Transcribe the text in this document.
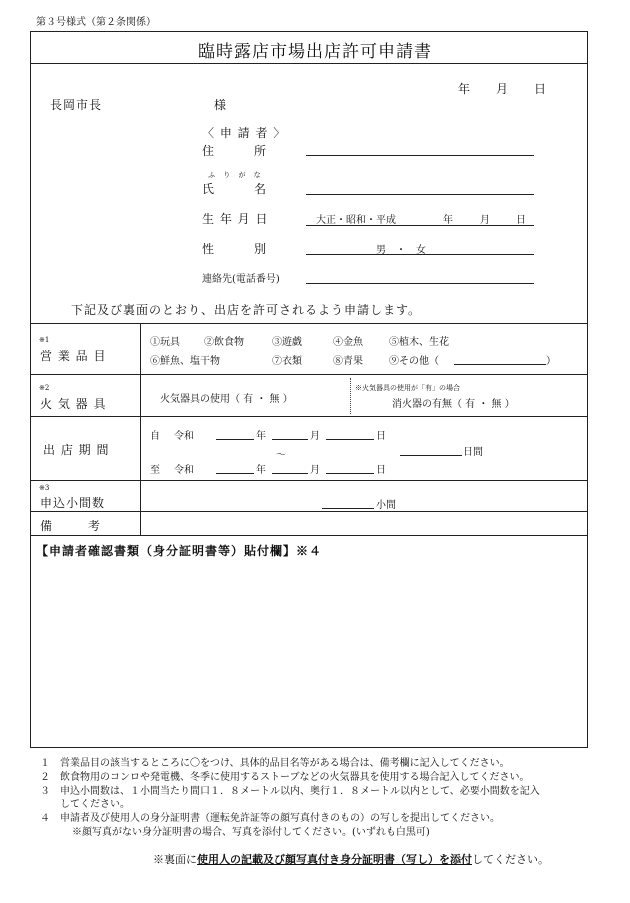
第３号様式（第２条関係）
臨時露店市場出店許可申請書
年 月 日
長岡市長	様
〈 申 請 者 〉
住　　　所
ふ り が な
氏　　　名
生 年 月 日	大正・昭和・平成	年	月	日
性　　　別	男　・　女
連絡先(電話番号)
下記及び裏面のとおり、出店を許可されるよう申請します。
※1
営 業 品 目
①玩具 ②飲食物	③遊戯	④金魚	⑤植木、生花
⑥鮮魚、塩干物	⑦衣類	⑧青果	⑨その他（	）
※2
火 気 器 具	火気器具の使用（ 有 ・ 無 ）
※火気器具の使用が「有」の場合
消火器の有無（ 有 ・ 無 ）
出 店 期 間
自 令和	年	月	日
〜	日間
至 令和	年	月	日
※3
申込小間数	小間
備　　　考
【申請者確認書類（身分証明書等）貼付欄】※４
１ 営業品目の該当するところに〇をつけ、具体的品目名等がある場合は、備考欄に記入してください。
２ 飲食物用のコンロや発電機、冬季に使用するストーブなどの火気器具を使用する場合記入してください。
３ 申込小間数は、１小間当たり間口１．８メートル以内、奥行１．８メートル以内として、必要小間数を記入
してください。
４ 申請者及び使用人の身分証明書（運転免許証等の顔写真付きのもの）の写しを提出してください。
※顔写真がない身分証明書の場合、写真を添付してください。(いずれも白黒可)
※裏面に使用人の記載及び顔写真付き身分証明書（写し）を添付してください。
